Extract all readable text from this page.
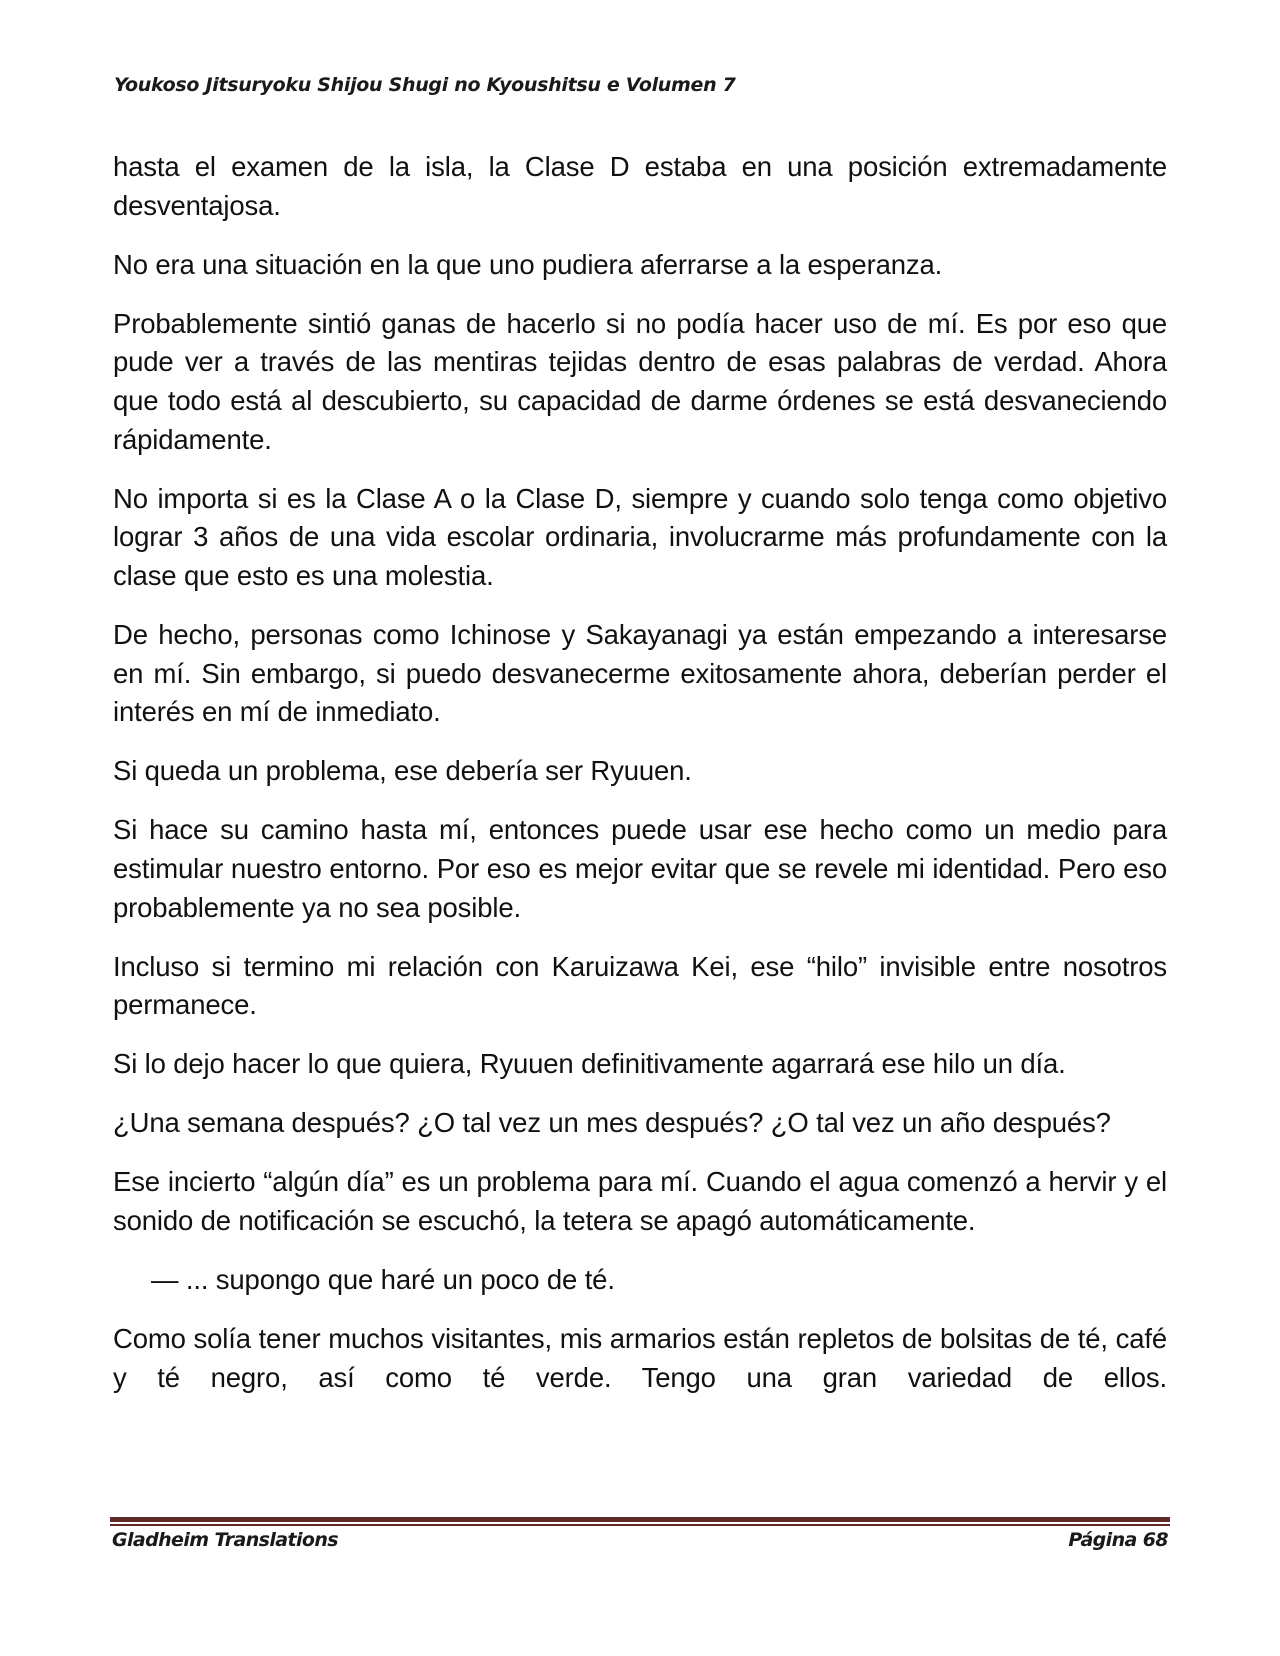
Youkoso Jitsuryoku Shijou Shugi no Kyoushitsu e Volumen 7

hasta el examen de la isla, la Clase D estaba en una posición extremadamente desventajosa.

No era una situación en la que uno pudiera aferrarse a la esperanza.

Probablemente sintió ganas de hacerlo si no podía hacer uso de mí. Es por eso que pude ver a través de las mentiras tejidas dentro de esas palabras de verdad. Ahora que todo está al descubierto, su capacidad de darme órdenes se está desvaneciendo rápidamente.

No importa si es la Clase A o la Clase D, siempre y cuando solo tenga como objetivo lograr 3 años de una vida escolar ordinaria, involucrarme más profundamente con la clase que esto es una molestia.

De hecho, personas como Ichinose y Sakayanagi ya están empezando a interesarse en mí. Sin embargo, si puedo desvanecerme exitosamente ahora, deberían perder el interés en mí de inmediato.

Si queda un problema, ese debería ser Ryuuen.

Si hace su camino hasta mí, entonces puede usar ese hecho como un medio para estimular nuestro entorno. Por eso es mejor evitar que se revele mi identidad. Pero eso probablemente ya no sea posible.

Incluso si termino mi relación con Karuizawa Kei, ese “hilo” invisible entre nosotros permanece.

Si lo dejo hacer lo que quiera, Ryuuen definitivamente agarrará ese hilo un día.

¿Una semana después? ¿O tal vez un mes después? ¿O tal vez un año después?

Ese incierto “algún día” es un problema para mí. Cuando el agua comenzó a hervir y el sonido de notificación se escuchó, la tetera se apagó automáticamente.

— ... supongo que haré un poco de té.

Como solía tener muchos visitantes, mis armarios están repletos de bolsitas de té, café y té negro, así como té verde. Tengo una gran variedad de ellos.

Gladheim Translations	Página 68
